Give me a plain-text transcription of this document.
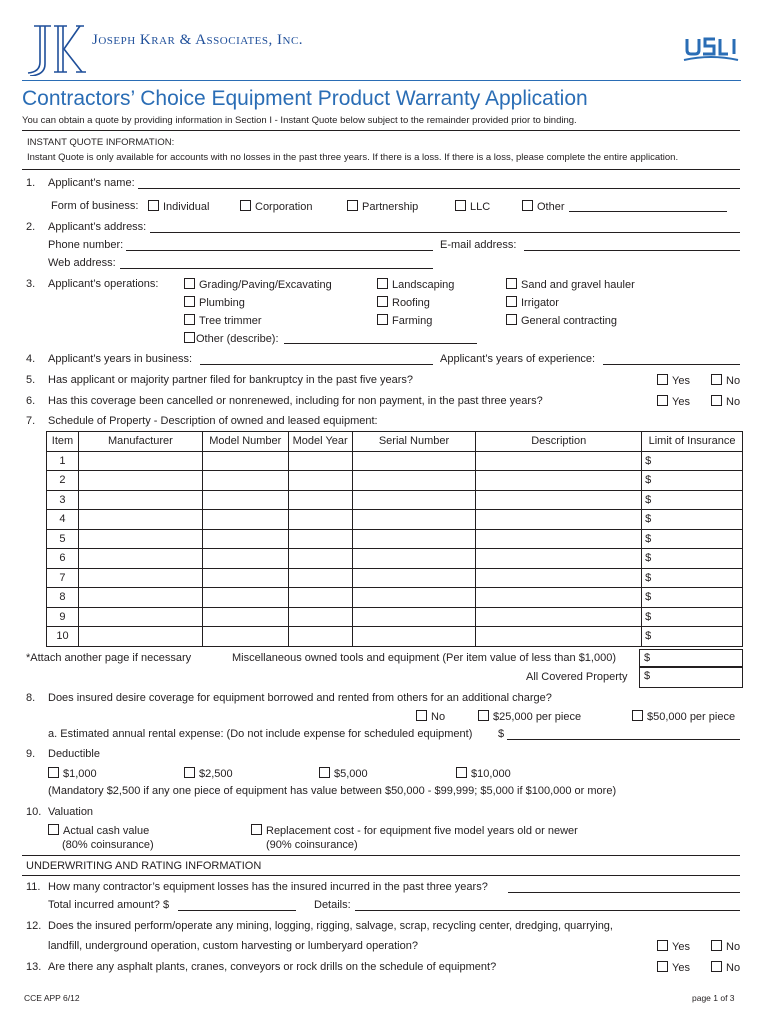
Joseph Krar & Associates, Inc.
Contractors’ Choice Equipment Product Warranty Application
You can obtain a quote by providing information in Section I - Instant Quote below subject to the remainder provided prior to binding.
INSTANT QUOTE INFORMATION:
Instant Quote is only available for accounts with no losses in the past three years. If there is a loss. If there is a loss, please complete the entire application.
1. Applicant’s name:
Form of business:	Individual	Corporation	Partnership	LLC	Other
2. Applicant’s address:
Phone number:	E-mail address:
Web address:
3. Applicant’s operations:	Grading/Paving/Excavating	Landscaping	Sand and gravel hauler
Plumbing	Roofing	Irrigator
Tree trimmer	Farming	General contracting
Other (describe):
4. Applicant’s years in business:	Applicant’s years of experience:
5. Has applicant or majority partner filed for bankruptcy in the past five years?	Yes	No
6. Has this coverage been cancelled or nonrenewed, including for non payment, in the past three years?	Yes	No
7. Schedule of Property - Description of owned and leased equipment:
Item	Manufacturer	Model Number	Model Year	Serial Number	Description	Limit of Insurance
1						$
2						$
3						$
4						$
5						$
6						$
7						$
8						$
9						$
10						$
*Attach another page if necessary	Miscellaneous owned tools and equipment (Per item value of less than $1,000)	$
All Covered Property	$
8. Does insured desire coverage for equipment borrowed and rented from others for an additional charge?
No	$25,000 per piece	$50,000 per piece
a. Estimated annual rental expense: (Do not include expense for scheduled equipment) $
9. Deductible
$1,000	$2,500	$5,000	$10,000
(Mandatory $2,500 if any one piece of equipment has value between $50,000 - $99,999; $5,000 if $100,000 or more)
10. Valuation
Actual cash value
(80% coinsurance)
Replacement cost - for equipment five model years old or newer
(90% coinsurance)
UNDERWRITING AND RATING INFORMATION
11. How many contractor’s equipment losses has the insured incurred in the past three years?
Total incurred amount? $	Details:
12. Does the insured perform/operate any mining, logging, rigging, salvage, scrap, recycling center, dredging, quarrying,
landfill, underground operation, custom harvesting or lumberyard operation?	Yes	No
13. Are there any asphalt plants, cranes, conveyors or rock drills on the schedule of equipment?	Yes	No
CCE APP 6/12	page 1 of 3
